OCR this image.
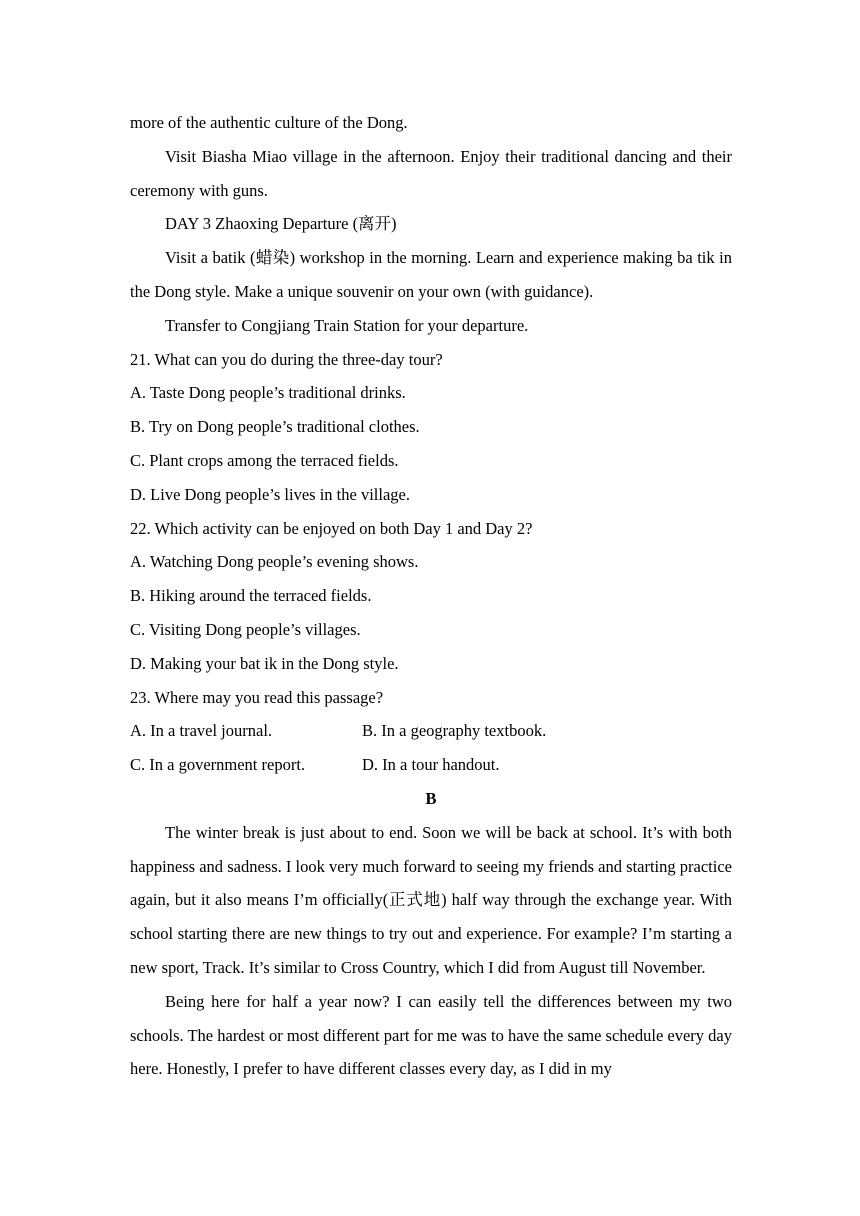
more of the authentic culture of the Dong.

Visit Biasha Miao village in the afternoon. Enjoy their traditional dancing and their ceremony with guns.

DAY 3 Zhaoxing Departure (离开)

Visit a batik (蜡染) workshop in the morning. Learn and experience making ba tik in the Dong style. Make a unique souvenir on your own (with guidance).

Transfer to Congjiang Train Station for your departure.

21. What can you do during the three-day tour?

A. Taste Dong people’s traditional drinks.

B. Try on Dong people’s traditional clothes.

C. Plant crops among the terraced fields.

D. Live Dong people’s lives in the village.

22. Which activity can be enjoyed on both Day 1 and Day 2?

A. Watching Dong people’s evening shows.

B. Hiking around the terraced fields.

C. Visiting Dong people’s villages.

D. Making your bat ik in the Dong style.

23. Where may you read this passage?

A. In a travel journal.	B. In a geography textbook.
C. In a government report.	D. In a tour handout.

B

The winter break is just about to end. Soon we will be back at school. It’s with both happiness and sadness. I look very much forward to seeing my friends and starting practice again, but it also means I’m officially(正式地) half way through the exchange year. With school starting there are new things to try out and experience. For example? I’m starting a new sport, Track. It’s similar to Cross Country, which I did from August till November.

Being here for half a year now? I can easily tell the differences between my two schools. The hardest or most different part for me was to have the same schedule every day here. Honestly, I prefer to have different classes every day, as I did in my
